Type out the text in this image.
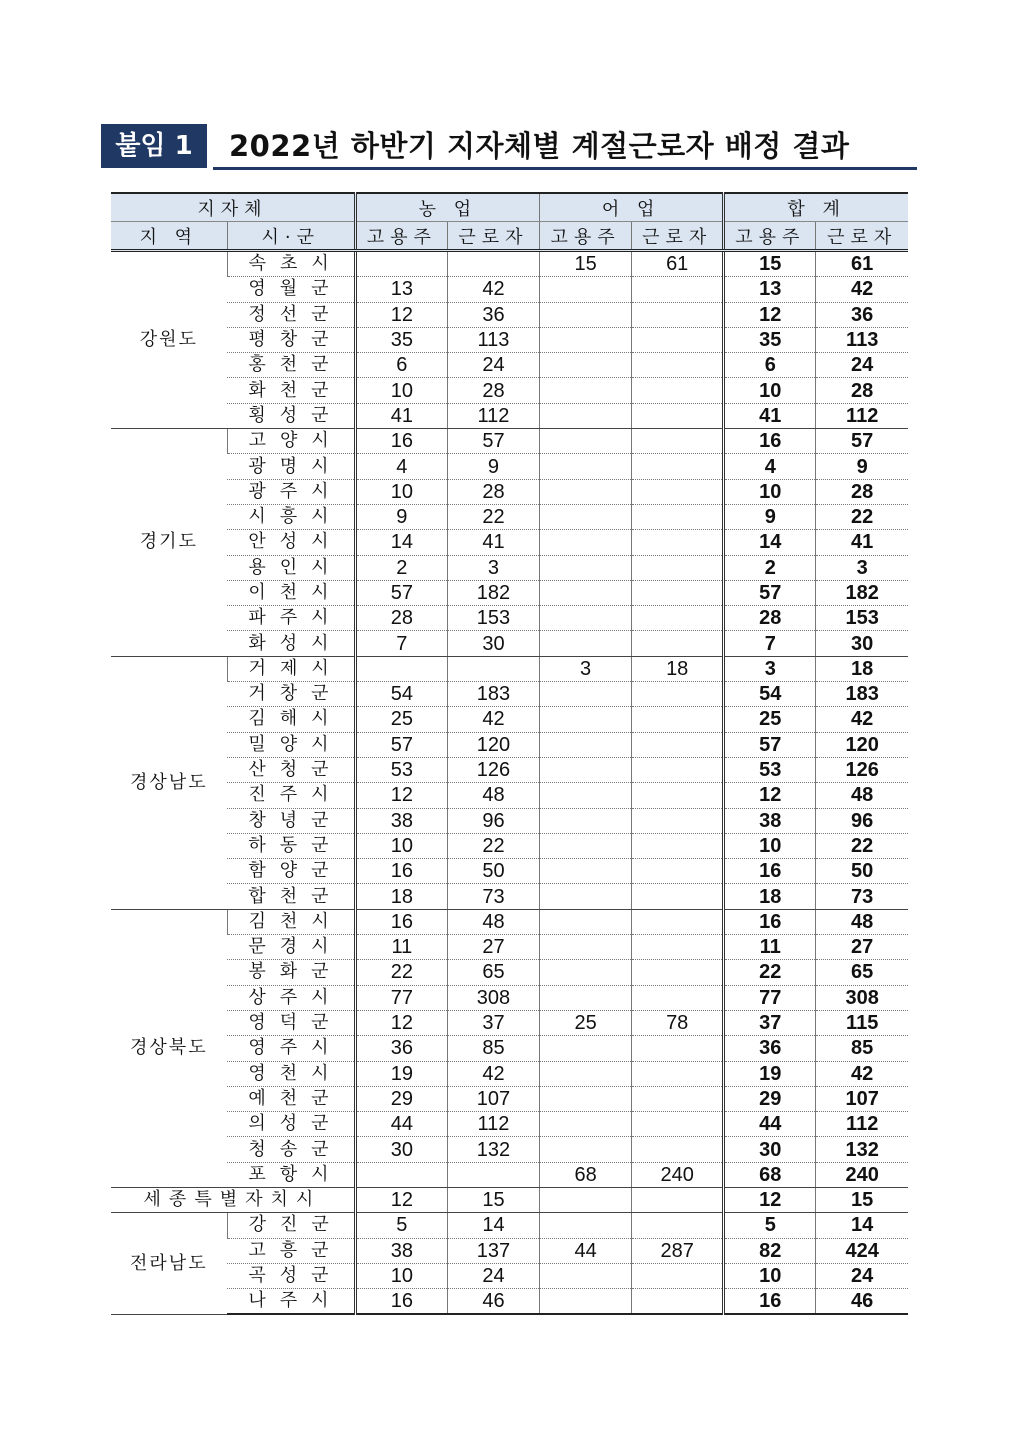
붙임 1	2022년 하반기 지자체별 계절근로자 배정 결과
지자체		농 업		어 업		합 계	
지 역	시·군	고용주	근로자	고용주	근로자	고용주	근로자
강원도	속초시			15	61	15	61
	영월군	13	42			13	42
	정선군	12	36			12	36
	평창군	35	113			35	113
	홍천군	6	24			6	24
	화천군	10	28			10	28
	횡성군	41	112			41	112
경기도	고양시	16	57			16	57
	광명시	4	9			4	9
	광주시	10	28			10	28
	시흥시	9	22			9	22
	안성시	14	41			14	41
	용인시	2	3			2	3
	이천시	57	182			57	182
	파주시	28	153			28	153
	화성시	7	30			7	30
경상남도	거제시			3	18	3	18
	거창군	54	183			54	183
	김해시	25	42			25	42
	밀양시	57	120			57	120
	산청군	53	126			53	126
	진주시	12	48			12	48
	창녕군	38	96			38	96
	하동군	10	22			10	22
	함양군	16	50			16	50
	합천군	18	73			18	73
경상북도	김천시	16	48			16	48
	문경시	11	27			11	27
	봉화군	22	65			22	65
	상주시	77	308			77	308
	영덕군	12	37	25	78	37	115
	영주시	36	85			36	85
	영천시	19	42			19	42
	예천군	29	107			29	107
	의성군	44	112			44	112
	청송군	30	132			30	132
	포항시			68	240	68	240
세종특별자치시		12	15			12	15
전라남도	강진군	5	14			5	14
	고흥군	38	137	44	287	82	424
	곡성군	10	24			10	24
	나주시	16	46			16	46
